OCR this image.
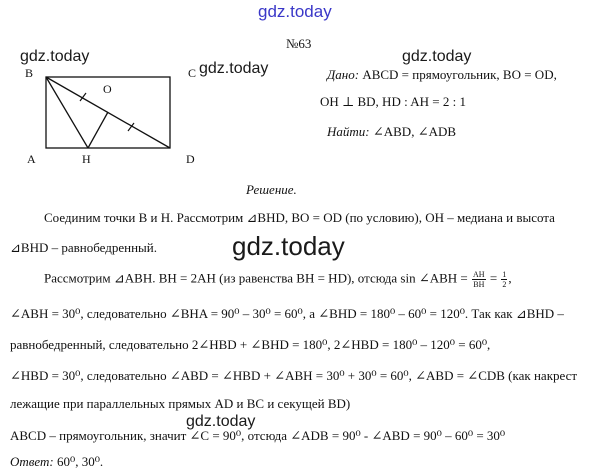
gdz.today
gdz.today
gdz.today
gdz.today
gdz.today
gdz.today
№63
B	C
O
A	H	D
Дано: ABCD = прямоугольник, BO = OD,
OH ⊥ BD, HD : AH = 2 : 1
Найти: ∠ABD, ∠ADB
Решение.
Соединим точки B и H. Рассмотрим ⊿BHD, BO = OD (по условию), OH – медиана и высота
⊿BHD – равнобедренный.
Рассмотрим ⊿ABH. BH = 2AH (из равенства BH = HD), отсюда sin ∠ABH = $\frac{AH}{BH} = \frac{1}{2}$ ,
∠ABH = 30⁰, следовательно ∠BHA = 90⁰ – 30⁰ = 60⁰, а ∠BHD = 180⁰ – 60⁰ = 120⁰. Так как ⊿BHD –
равнобедренный, следовательно 2∠HBD + ∠BHD = 180⁰, 2∠HBD = 180⁰ – 120⁰ = 60⁰,
∠HBD = 30⁰, следовательно ∠ABD = ∠HBD + ∠ABH = 30⁰ + 30⁰ = 60⁰, ∠ABD = ∠CDB (как накрест
лежащие при параллельных прямых AD и BC и секущей BD)
ABCD – прямоугольник, значит ∠C = 90⁰, отсюда ∠ADB = 90⁰ - ∠ABD = 90⁰ – 60⁰ = 30⁰
Ответ: 60⁰, 30⁰.
